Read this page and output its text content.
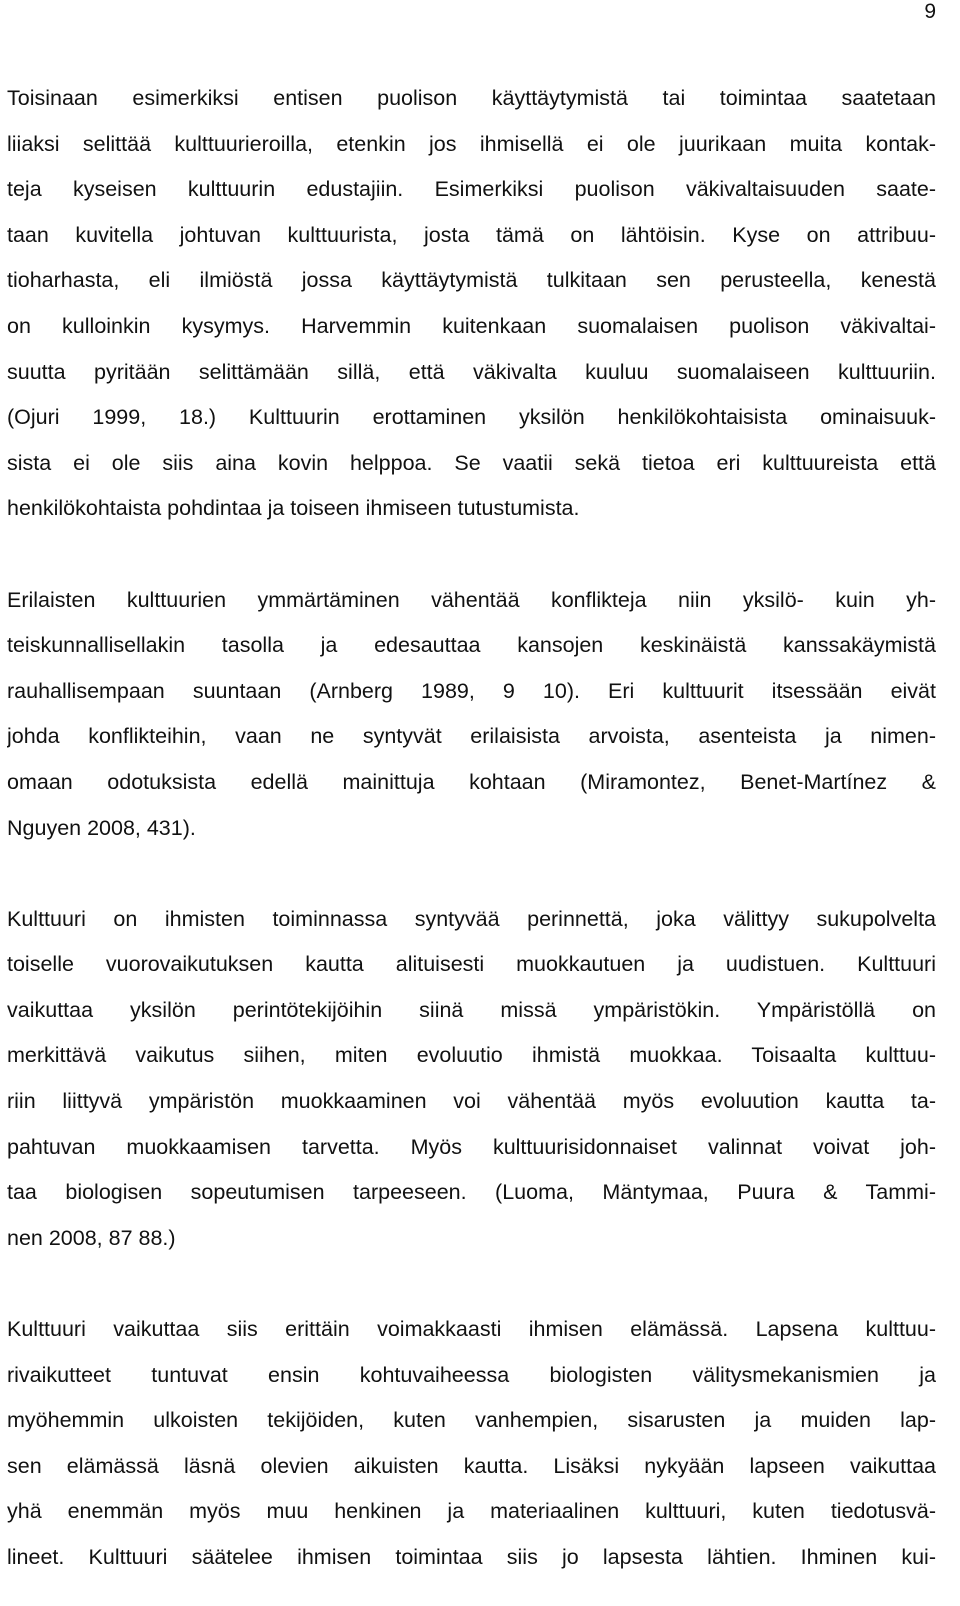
9
Toisinaan esimerkiksi entisen puolison käyttäytymistä tai toimintaa saatetaan
liiaksi selittää kulttuurieroilla, etenkin jos ihmisellä ei ole juurikaan muita kontak-
teja kyseisen kulttuurin edustajiin. Esimerkiksi puolison väkivaltaisuuden saate-
taan kuvitella johtuvan kulttuurista, josta tämä on lähtöisin. Kyse on attribuu-
tioharhasta, eli ilmiöstä jossa käyttäytymistä tulkitaan sen perusteella, kenestä
on kulloinkin kysymys. Harvemmin kuitenkaan suomalaisen puolison väkivaltai-
suutta pyritään selittämään sillä, että väkivalta kuuluu suomalaiseen kulttuuriin.
(Ojuri 1999, 18.) Kulttuurin erottaminen yksilön henkilökohtaisista ominaisuuk-
sista ei ole siis aina kovin helppoa. Se vaatii sekä tietoa eri kulttuureista että
henkilökohtaista pohdintaa ja toiseen ihmiseen tutustumista.
Erilaisten kulttuurien ymmärtäminen vähentää konflikteja niin yksilö- kuin yh-
teiskunnallisellakin tasolla ja edesauttaa kansojen keskinäistä kanssakäymistä
rauhallisempaan suuntaan (Arnberg 1989, 9 10). Eri kulttuurit itsessään eivät
johda konflikteihin, vaan ne syntyvät erilaisista arvoista, asenteista ja nimen-
omaan odotuksista edellä mainittuja kohtaan (Miramontez, Benet-Martínez &
Nguyen 2008, 431).
Kulttuuri on ihmisten toiminnassa syntyvää perinnettä, joka välittyy sukupolvelta
toiselle vuorovaikutuksen kautta alituisesti muokkautuen ja uudistuen. Kulttuuri
vaikuttaa yksilön perintötekijöihin siinä missä ympäristökin. Ympäristöllä on
merkittävä vaikutus siihen, miten evoluutio ihmistä muokkaa. Toisaalta kulttuu-
riin liittyvä ympäristön muokkaaminen voi vähentää myös evoluution kautta ta-
pahtuvan muokkaamisen tarvetta. Myös kulttuurisidonnaiset valinnat voivat joh-
taa biologisen sopeutumisen tarpeeseen. (Luoma, Mäntymaa, Puura & Tammi-
nen 2008, 87 88.)
Kulttuuri vaikuttaa siis erittäin voimakkaasti ihmisen elämässä. Lapsena kulttuu-
rivaikutteet tuntuvat ensin kohtuvaiheessa biologisten välitysmekanismien ja
myöhemmin ulkoisten tekijöiden, kuten vanhempien, sisarusten ja muiden lap-
sen elämässä läsnä olevien aikuisten kautta. Lisäksi nykyään lapseen vaikuttaa
yhä enemmän myös muu henkinen ja materiaalinen kulttuuri, kuten tiedotusvä-
lineet. Kulttuuri säätelee ihmisen toimintaa siis jo lapsesta lähtien. Ihminen kui-
